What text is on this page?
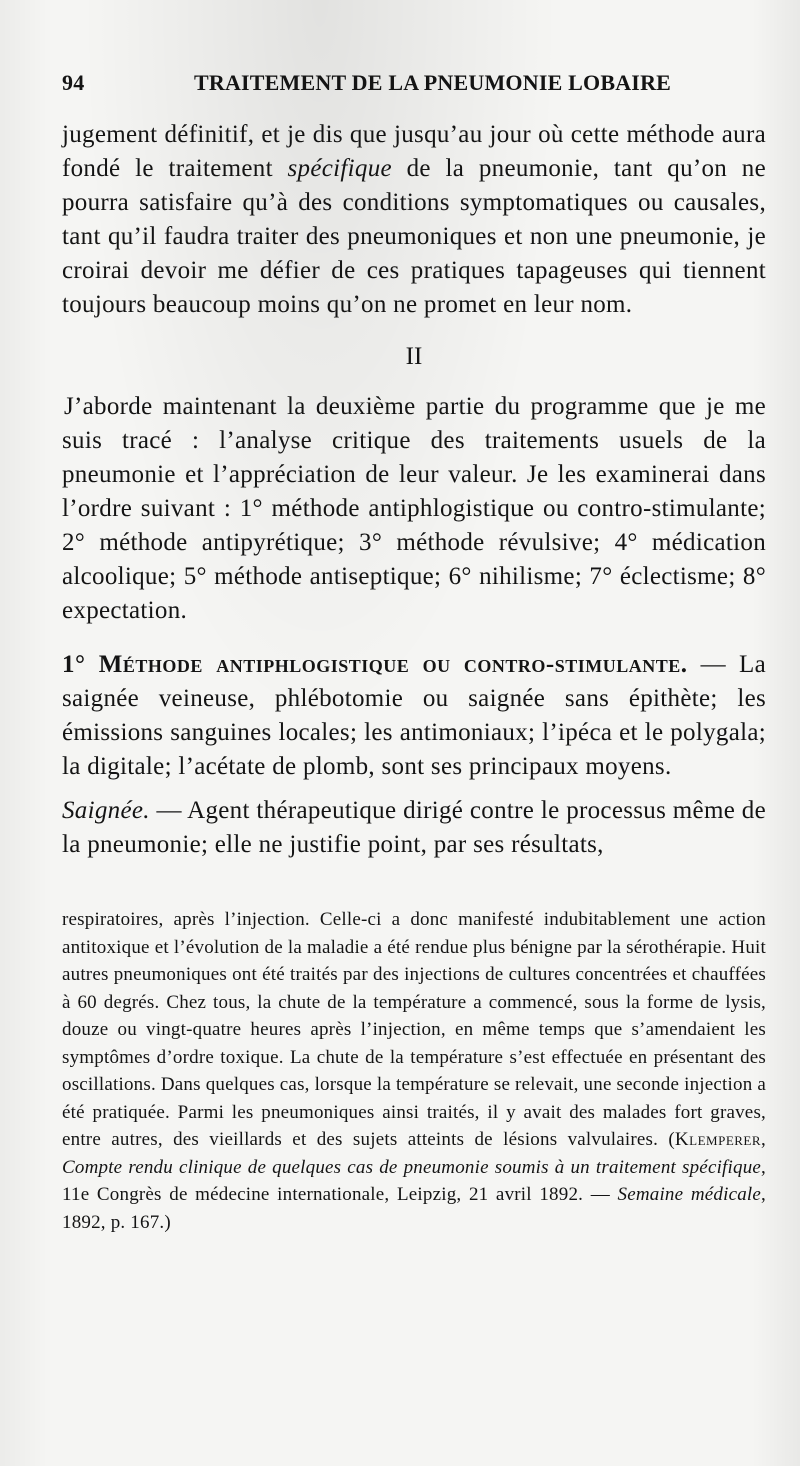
94	TRAITEMENT DE LA PNEUMONIE LOBAIRE

jugement définitif, et je dis que jusqu’au jour où cette méthode aura fondé le traitement spécifique de la pneumonie, tant qu’on ne pourra satisfaire qu’à des conditions symptomatiques ou causales, tant qu’il faudra traiter des pneumoniques et non une pneumonie, je croirai devoir me défier de ces pratiques tapageuses qui tiennent toujours beaucoup moins qu’on ne promet en leur nom.

II

J’aborde maintenant la deuxième partie du programme que je me suis tracé : l’analyse critique des traitements usuels de la pneumonie et l’appréciation de leur valeur. Je les examinerai dans l’ordre suivant : 1° méthode antiphlogistique ou contro-stimulante; 2° méthode antipyrétique; 3° méthode révulsive; 4° médication alcoolique; 5° méthode antiseptique; 6° nihilisme; 7° éclectisme; 8° expectation.

1° Méthode antiphlogistique ou contro-stimulante. — La saignée veineuse, phlébotomie ou saignée sans épithète; les émissions sanguines locales; les antimoniaux; l’ipéca et le polygala; la digitale; l’acétate de plomb, sont ses principaux moyens.

Saignée. — Agent thérapeutique dirigé contre le processus même de la pneumonie; elle ne justifie point, par ses résultats,

respiratoires, après l’injection. Celle-ci a donc manifesté indubitablement une action antitoxique et l’évolution de la maladie a été rendue plus bénigne par la sérothérapie. Huit autres pneumoniques ont été traités par des injections de cultures concentrées et chauffées à 60 degrés. Chez tous, la chute de la température a commencé, sous la forme de lysis, douze ou vingt-quatre heures après l’injection, en même temps que s’amendaient les symptômes d’ordre toxique. La chute de la température s’est effectuée en présentant des oscillations. Dans quelques cas, lorsque la température se relevait, une seconde injection a été pratiquée. Parmi les pneumoniques ainsi traités, il y avait des malades fort graves, entre autres, des vieillards et des sujets atteints de lésions valvulaires. (Klemperer, Compte rendu clinique de quelques cas de pneumonie soumis à un traitement spécifique, 11e Congrès de médecine internationale, Leipzig, 21 avril 1892. — Semaine médicale, 1892, p. 167.)
